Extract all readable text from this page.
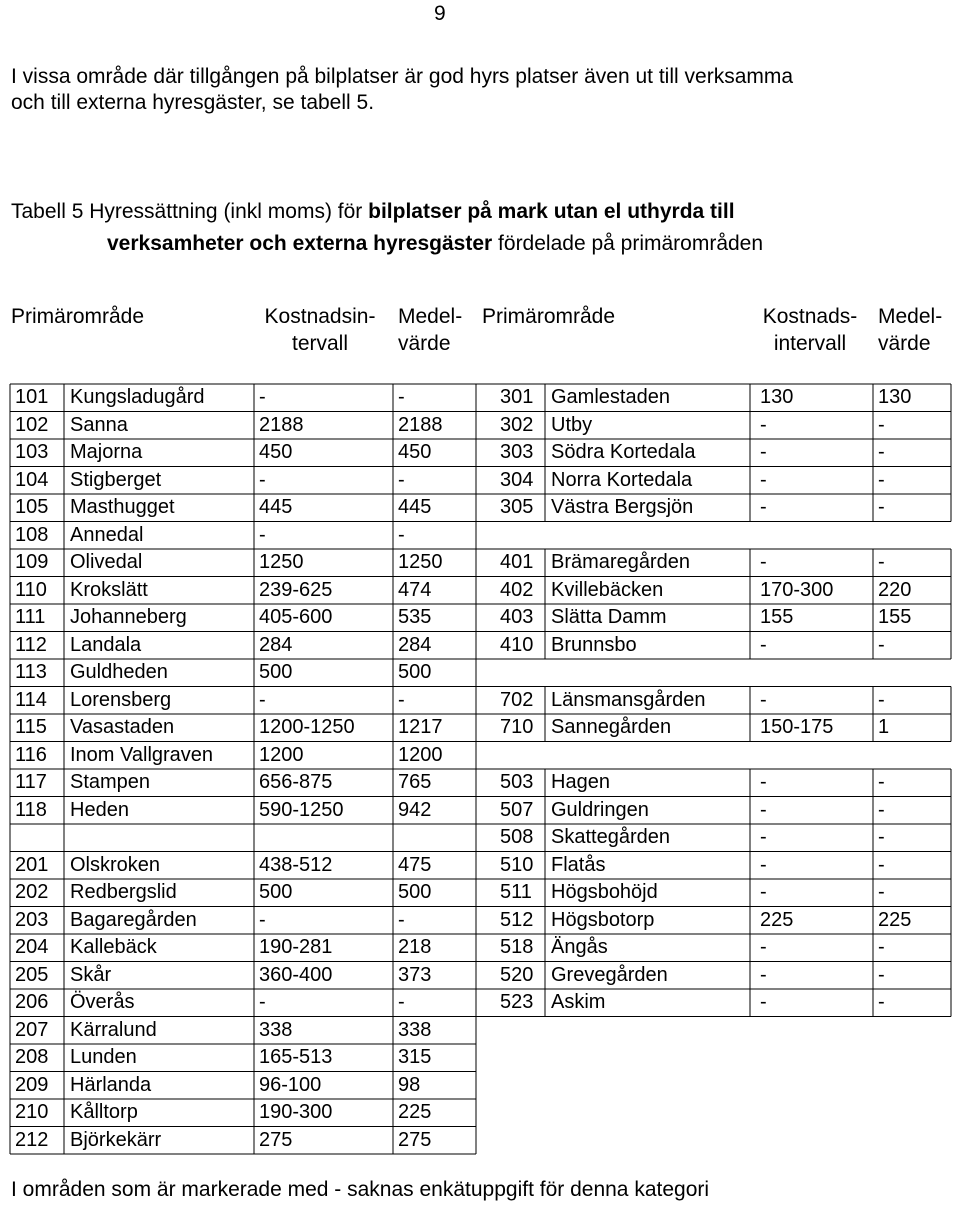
9
I vissa område där tillgången på bilplatser är god hyrs platser även ut till verksamma
och till externa hyresgäster, se tabell 5.
Tabell 5 Hyressättning (inkl moms) för bilplatser på mark utan el uthyrda till
verksamheter och externa hyresgäster fördelade på primärområden
Primärområde	Kostnadsin-
tervall
Medel-
värde
Primärområde	Kostnads-
intervall
Medel-
värde
101 Kungsladugård	-	-	301 Gamlestaden	130	130
102 Sanna	2188	2188	302 Utby	-	-
103 Majorna	450	450	303 Södra Kortedala	-	-
104 Stigberget	-	-	304 Norra Kortedala	-	-
105 Masthugget	445	445	305 Västra Bergsjön	-	-
108 Annedal	-	-
109 Olivedal	1250	1250	401 Brämaregården	-	-
110 Krokslätt	239-625	474	402 Kvillebäcken	170-300 220
111 Johanneberg	405-600	535	403 Slätta Damm	155	155
112 Landala	284	284	410 Brunnsbo	-	-
113 Guldheden	500	500
114 Lorensberg	-	-	702 Länsmansgården	-	-
115 Vasastaden	1200-1250 1217	710 Sannegården	150-175 1
116 Inom Vallgraven 1200	1200
117 Stampen	656-875	765	503 Hagen	-	-
118 Heden	590-1250	942	507 Guldringen	-	-
508 Skattegården	-	-
201 Olskroken	438-512	475	510 Flatås	-	-
202 Redbergslid	500	500	511 Högsbohöjd	-	-
203 Bagaregården	-	-	512 Högsbotorp	225	225
204 Kallebäck	190-281	218	518 Ängås	-	-
205 Skår	360-400	373	520 Grevegården	-	-
206 Överås	-	-	523 Askim	-	-
207 Kärralund	338	338
208 Lunden	165-513	315
209 Härlanda	96-100	98
210 Kålltorp	190-300	225
212 Björkekärr	275	275
I områden som är markerade med - saknas enkätuppgift för denna kategori
